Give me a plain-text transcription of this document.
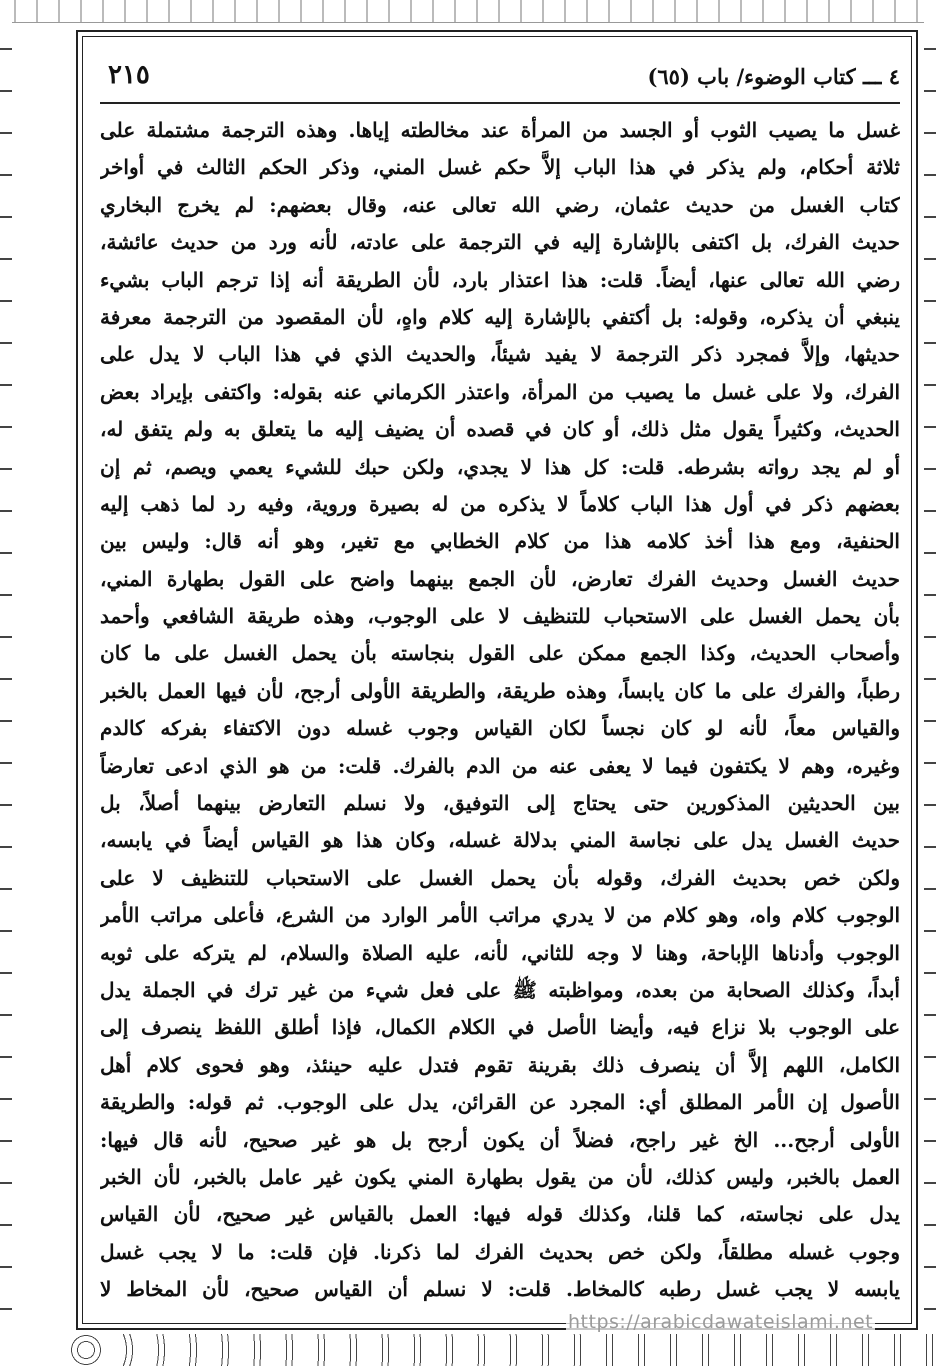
٤ ـــ كتاب الوضوء/ باب (٦٥)
٢١٥
غسل ما يصيب الثوب أو الجسد من المرأة عند مخالطته إياها. وهذه الترجمة مشتملة على
ثلاثة أحكام، ولم يذكر في هذا الباب إلاَّ حكم غسل المني، وذكر الحكم الثالث في أواخر
كتاب الغسل من حديث عثمان، رضي الله تعالى عنه، وقال بعضهم: لم يخرج البخاري
حديث الفرك، بل اكتفى بالإشارة إليه في الترجمة على عادته، لأنه ورد من حديث عائشة،
رضي الله تعالى عنها، أيضاً. قلت: هذا اعتذار بارد، لأن الطريقة أنه إذا ترجم الباب بشيء
ينبغي أن يذكره، وقوله: بل أكتفي بالإشارة إليه كلام واهٍ، لأن المقصود من الترجمة معرفة
حديثها، وإلاَّ فمجرد ذكر الترجمة لا يفيد شيئاً، والحديث الذي في هذا الباب لا يدل على
الفرك، ولا على غسل ما يصيب من المرأة، واعتذر الكرماني عنه بقوله: واكتفى بإيراد بعض
الحديث، وكثيراً يقول مثل ذلك، أو كان في قصده أن يضيف إليه ما يتعلق به ولم يتفق له،
أو لم يجد رواته بشرطه. قلت: كل هذا لا يجدي، ولكن حبك للشيء يعمي ويصم، ثم إن
بعضهم ذكر في أول هذا الباب كلاماً لا يذكره من له بصيرة وروية، وفيه رد لما ذهب إليه
الحنفية، ومع هذا أخذ كلامه هذا من كلام الخطابي مع تغير، وهو أنه قال: وليس بين
حديث الغسل وحديث الفرك تعارض، لأن الجمع بينهما واضح على القول بطهارة المني،
بأن يحمل الغسل على الاستحباب للتنظيف لا على الوجوب، وهذه طريقة الشافعي وأحمد
وأصحاب الحديث، وكذا الجمع ممكن على القول بنجاسته بأن يحمل الغسل على ما كان
رطباً، والفرك على ما كان يابساً، وهذه طريقة، والطريقة الأولى أرجح، لأن فيها العمل بالخبر
والقياس معاً، لأنه لو كان نجساً لكان القياس وجوب غسله دون الاكتفاء بفركه كالدم
وغيره، وهم لا يكتفون فيما لا يعفى عنه من الدم بالفرك. قلت: من هو الذي ادعى تعارضاً
بين الحديثين المذكورين حتى يحتاج إلى التوفيق، ولا نسلم التعارض بينهما أصلاً، بل
حديث الغسل يدل على نجاسة المني بدلالة غسله، وكان هذا هو القياس أيضاً في يابسه،
ولكن خص بحديث الفرك، وقوله بأن يحمل الغسل على الاستحباب للتنظيف لا على
الوجوب كلام واه، وهو كلام من لا يدري مراتب الأمر الوارد من الشرع، فأعلى مراتب الأمر
الوجوب وأدناها الإباحة، وهنا لا وجه للثاني، لأنه، عليه الصلاة والسلام، لم يتركه على ثوبه
أبداً، وكذلك الصحابة من بعده، ومواظبته ﷺ على فعل شيء من غير ترك في الجملة يدل
على الوجوب بلا نزاع فيه، وأيضا الأصل في الكلام الكمال، فإذا أطلق اللفظ ينصرف إلى
الكامل، اللهم إلاَّ أن ينصرف ذلك بقرينة تقوم فتدل عليه حينئذ، وهو فحوى كلام أهل
الأصول إن الأمر المطلق أي: المجرد عن القرائن، يدل على الوجوب. ثم قوله: والطريقة
الأولى أرجح... الخ غير راجح، فضلاً أن يكون أرجح بل هو غير صحيح، لأنه قال فيها:
العمل بالخبر، وليس كذلك، لأن من يقول بطهارة المني يكون غير عامل بالخبر، لأن الخبر
يدل على نجاسته، كما قلنا، وكذلك قوله فيها: العمل بالقياس غير صحيح، لأن القياس
وجوب غسله مطلقاً، ولكن خص بحديث الفرك لما ذكرنا. فإن قلت: ما لا يجب غسل
يابسه لا يجب غسل رطبه كالمخاط. قلت: لا نسلم أن القياس صحيح، لأن المخاط لا
https://arabicdawateislami.net
